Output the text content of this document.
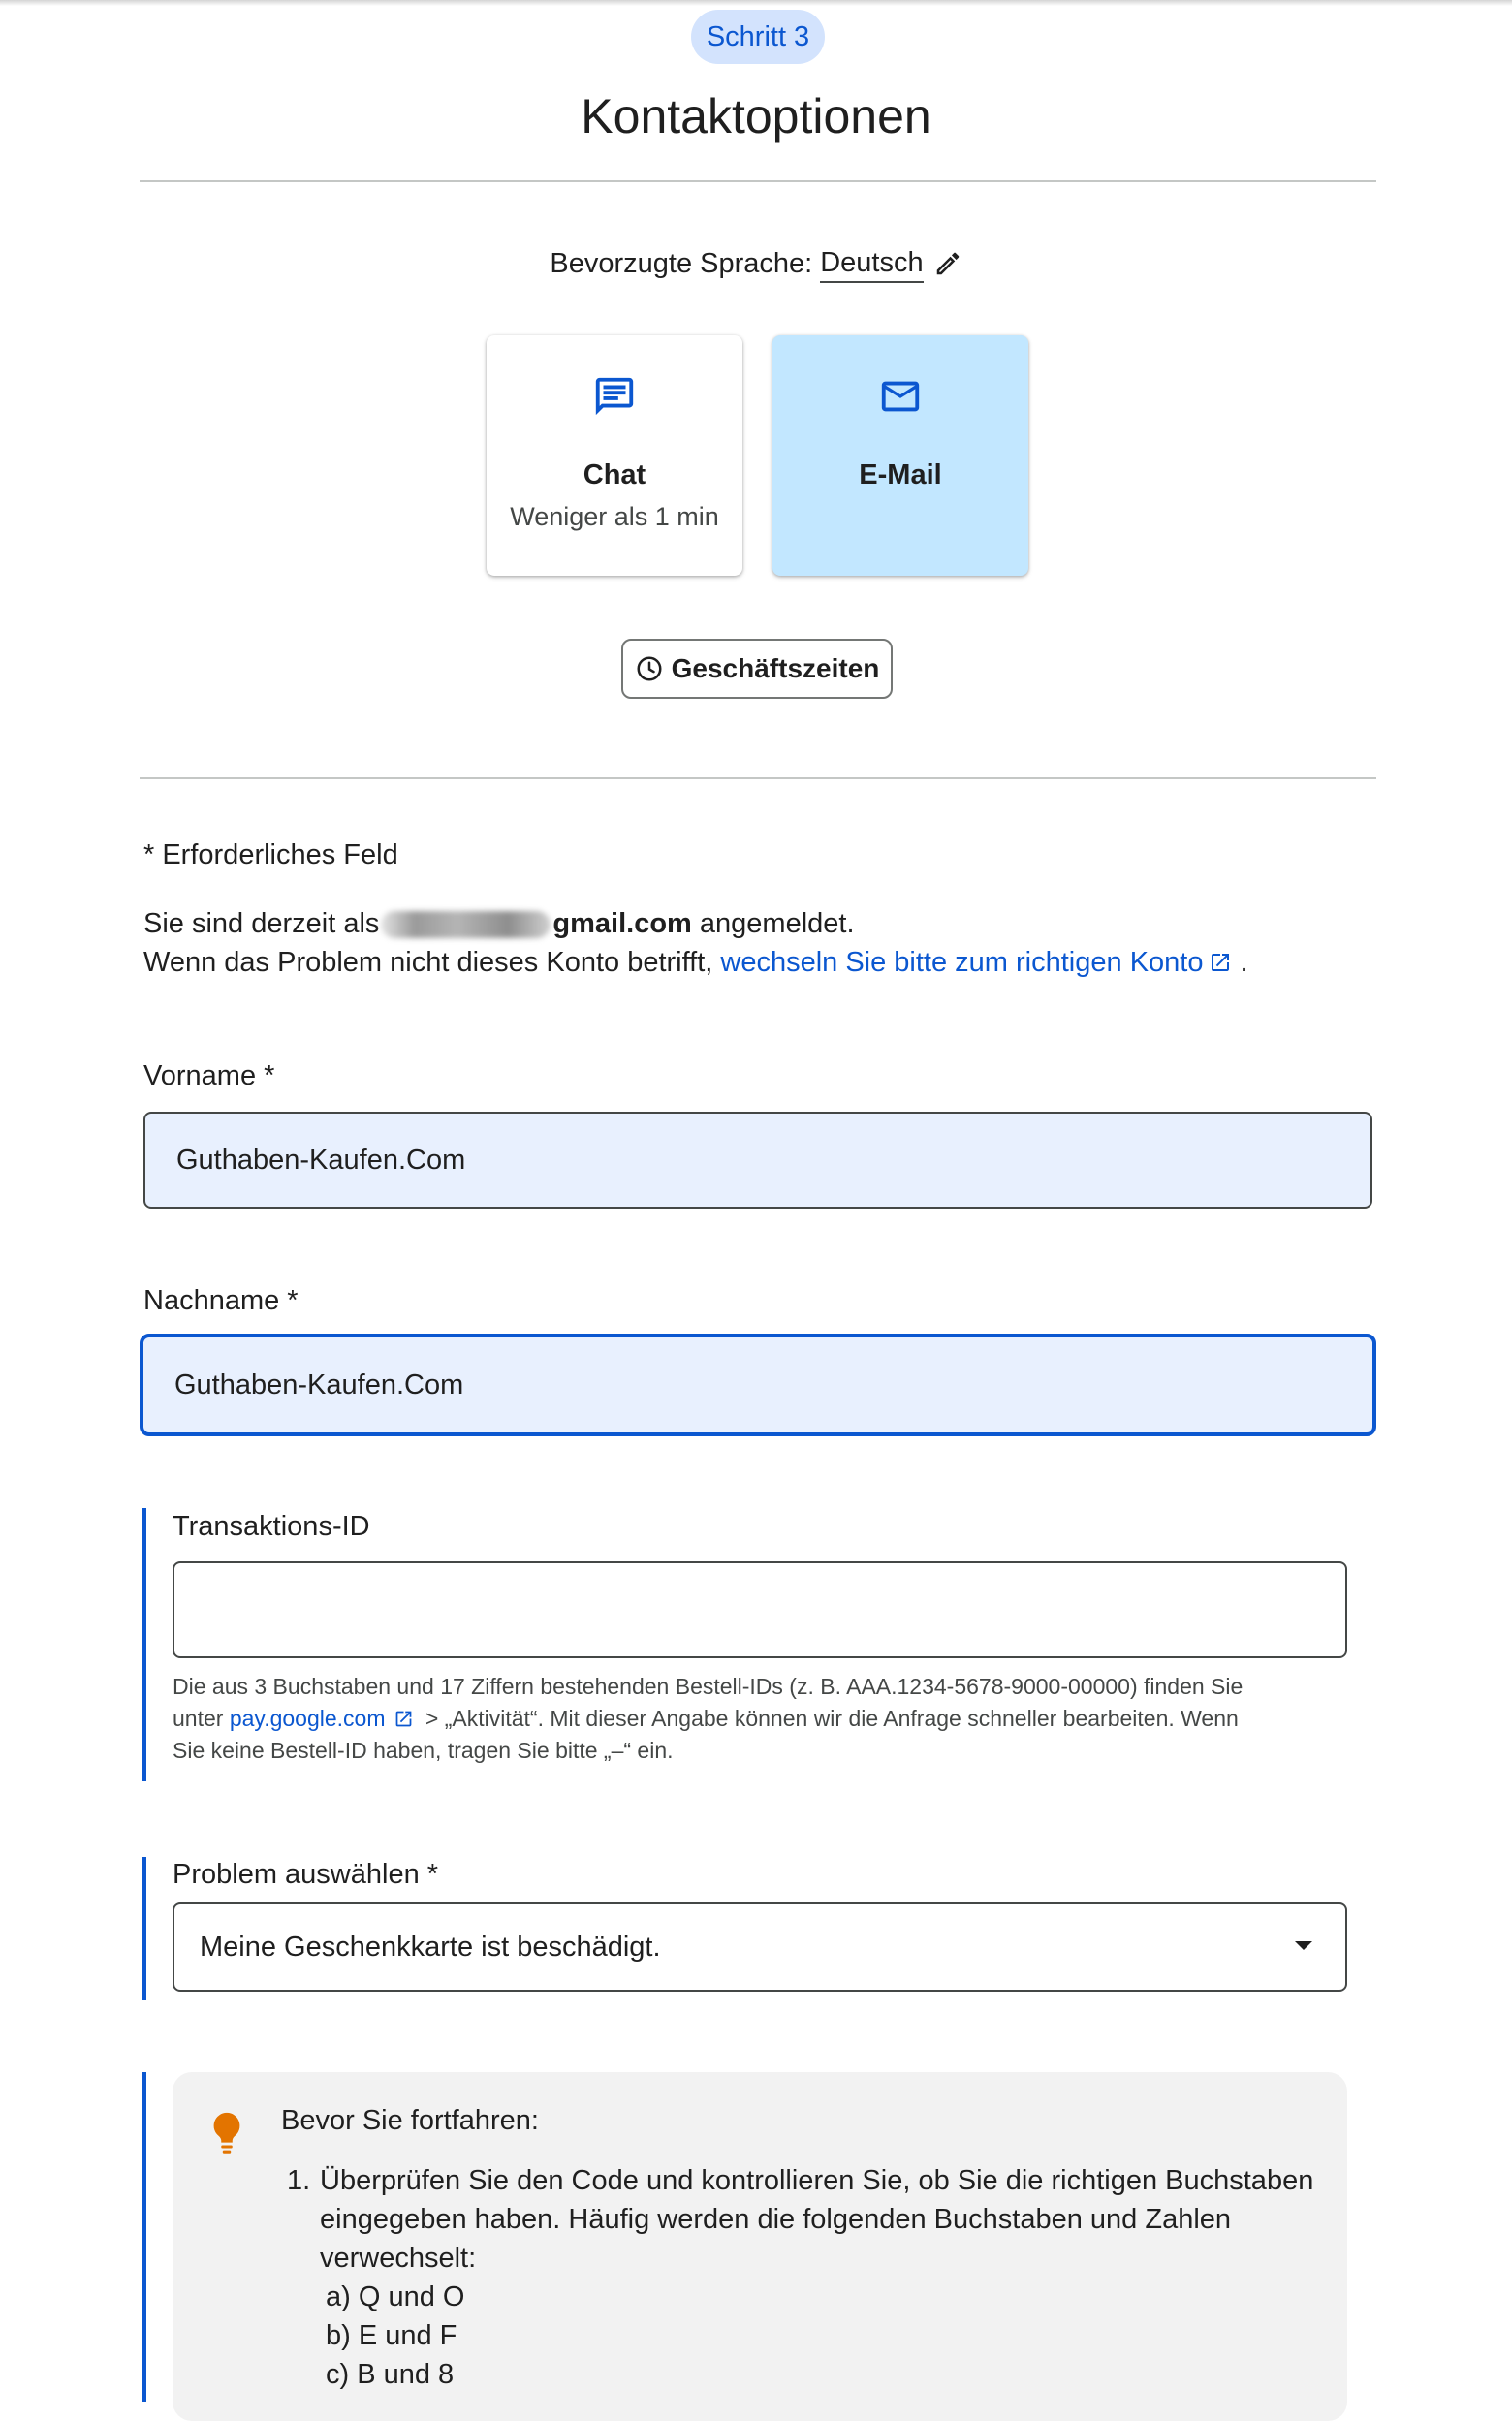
Schritt 3
Kontaktoptionen
Bevorzugte Sprache: Deutsch
Chat
Weniger als 1 min
E-Mail
Geschäftszeiten
* Erforderliches Feld
Sie sind derzeit als	gmail.com angemeldet.
Wenn das Problem nicht dieses Konto betrifft, wechseln Sie bitte zum richtigen Konto .
Vorname *
Guthaben-Kaufen.Com
Nachname *
Guthaben-Kaufen.Com
Transaktions-ID
Die aus 3 Buchstaben und 17 Ziffern bestehenden Bestell-IDs (z. B. AAA.1234-5678-9000-00000) finden Sie
unter pay.google.com > „Aktivität“. Mit dieser Angabe können wir die Anfrage schneller bearbeiten. Wenn
Sie keine Bestell-ID haben, tragen Sie bitte „–“ ein.
Problem auswählen *
Meine Geschenkkarte ist beschädigt.
Bevor Sie fortfahren:
1. Überprüfen Sie den Code und kontrollieren Sie, ob Sie die richtigen Buchstaben eingegeben haben. Häufig werden die folgenden Buchstaben und Zahlen verwechselt:
a) Q und O
b) E und F
c) B und 8
